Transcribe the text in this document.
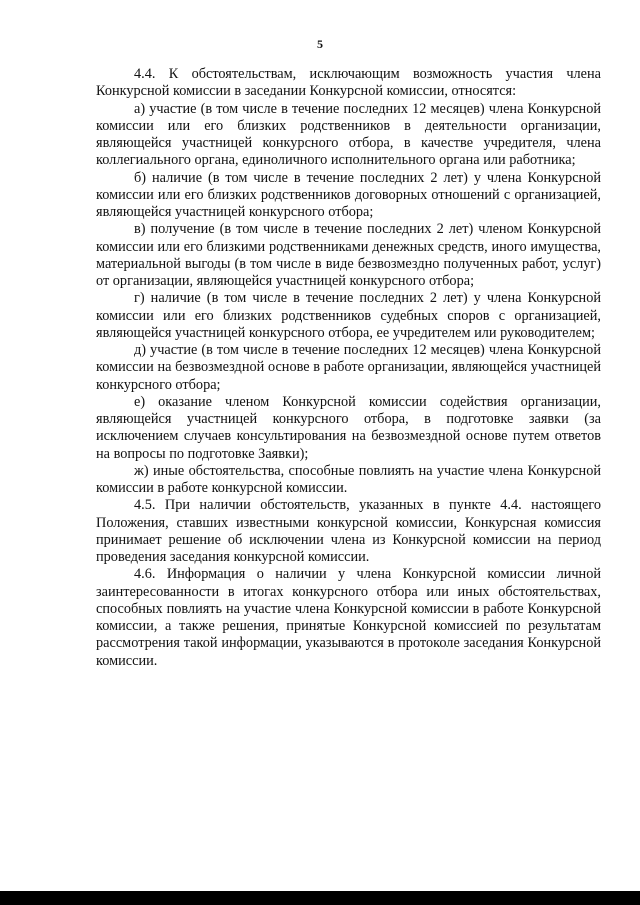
5

4.4. К обстоятельствам, исключающим возможность участия члена Конкурсной комиссии в заседании Конкурсной комиссии, относятся:

а) участие (в том числе в течение последних 12 месяцев) члена Конкурсной комиссии или его близких родственников в деятельности организации, являющейся участницей конкурсного отбора, в качестве учредителя, члена коллегиального органа, единоличного исполнительного органа или работника;

б) наличие (в том числе в течение последних 2 лет) у члена Конкурсной комиссии или его близких родственников договорных отношений с организацией, являющейся участницей конкурсного отбора;

в) получение (в том числе в течение последних 2 лет) членом Конкурсной комиссии или его близкими родственниками денежных средств, иного имущества, материальной выгоды (в том числе в виде безвозмездно полученных работ, услуг) от организации, являющейся участницей конкурсного отбора;

г) наличие (в том числе в течение последних 2 лет) у члена Конкурсной комиссии или его близких родственников судебных споров с организацией, являющейся участницей конкурсного отбора, ее учредителем или руководителем;

д) участие (в том числе в течение последних 12 месяцев) члена Конкурсной комиссии на безвозмездной основе в работе организации, являющейся участницей конкурсного отбора;

е) оказание членом Конкурсной комиссии содействия организации, являющейся участницей конкурсного отбора, в подготовке заявки (за исключением случаев консультирования на безвозмездной основе путем ответов на вопросы по подготовке Заявки);

ж) иные обстоятельства, способные повлиять на участие члена Конкурсной комиссии в работе конкурсной комиссии.

4.5. При наличии обстоятельств, указанных в пункте 4.4. настоящего Положения, ставших известными конкурсной комиссии, Конкурсная комиссия принимает решение об исключении члена из Конкурсной комиссии на период проведения заседания конкурсной комиссии.

4.6. Информация о наличии у члена Конкурсной комиссии личной заинтересованности в итогах конкурсного отбора или иных обстоятельствах, способных повлиять на участие члена Конкурсной комиссии в работе Конкурсной комиссии, а также решения, принятые Конкурсной комиссией по результатам рассмотрения такой информации, указываются в протоколе заседания Конкурсной комиссии.
